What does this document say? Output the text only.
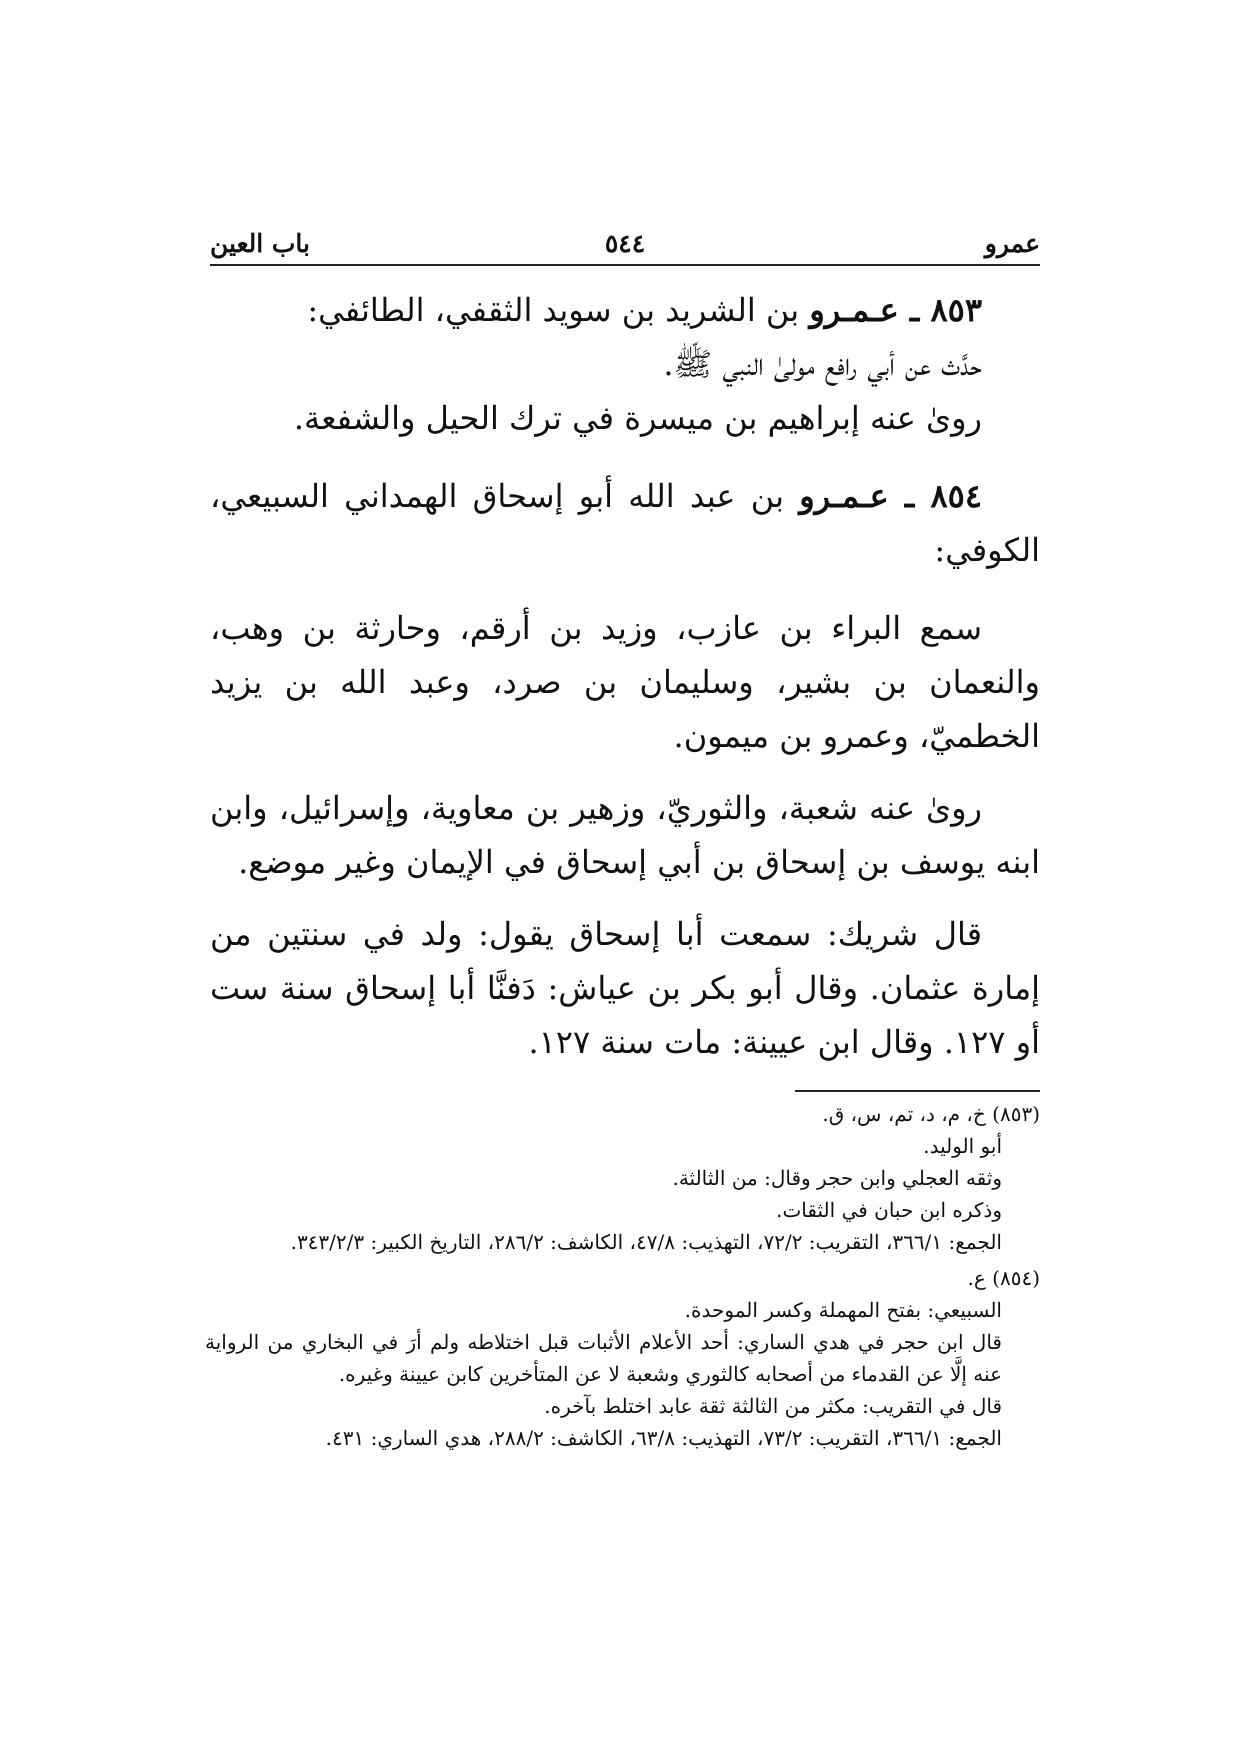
عمرو
٥٤٤
باب العين

٨٥٣ ـ عـمـرو بن الشريد بن سويد الثقفي، الطائفي:

حدَّث عن أبي رافع مولىٰ النبي ﷺ.

روىٰ عنه إبراهيم بن ميسرة في ترك الحيل والشفعة.

٨٥٤ ـ عـمـرو بن عبد الله أبو إسحاق الهمداني السبيعي، الكوفي:

سمع البراء بن عازب، وزيد بن أرقم، وحارثة بن وهب، والنعمان بن بشير، وسليمان بن صرد، وعبد الله بن يزيد الخطميّ، وعمرو بن ميمون.

روىٰ عنه شعبة، والثوريّ، وزهير بن معاوية، وإسرائيل، وابن ابنه يوسف بن إسحاق بن أبي إسحاق في الإيمان وغير موضع.

قال شريك: سمعت أبا إسحاق يقول: ولد في سنتين من إمارة عثمان. وقال أبو بكر بن عياش: دَفنَّا أبا إسحاق سنة ست أو ١٢٧. وقال ابن عيينة: مات سنة ١٢٧.

(٨٥٣) خ، م، د، تم، س، ق.

أبو الوليد.

وثقه العجلي وابن حجر وقال: من الثالثة.

وذكره ابن حبان في الثقات.

الجمع: ٣٦٦/١، التقريب: ٧٢/٢، التهذيب: ٤٧/٨، الكاشف: ٢٨٦/٢، التاريخ الكبير: ٣٤٣/٢/٣.

(٨٥٤) ع.

السبيعي: بفتح المهملة وكسر الموحدة.

قال ابن حجر في هدي الساري: أحد الأعلام الأثبات قبل اختلاطه ولم أرَ في البخاري من الرواية عنه إلَّا عن القدماء من أصحابه كالثوري وشعبة لا عن المتأخرين كابن عيينة وغيره.

قال في التقريب: مكثر من الثالثة ثقة عابد اختلط بآخره.

الجمع: ٣٦٦/١، التقريب: ٧٣/٢، التهذيب: ٦٣/٨، الكاشف: ٢٨٨/٢، هدي الساري: ٤٣١.
